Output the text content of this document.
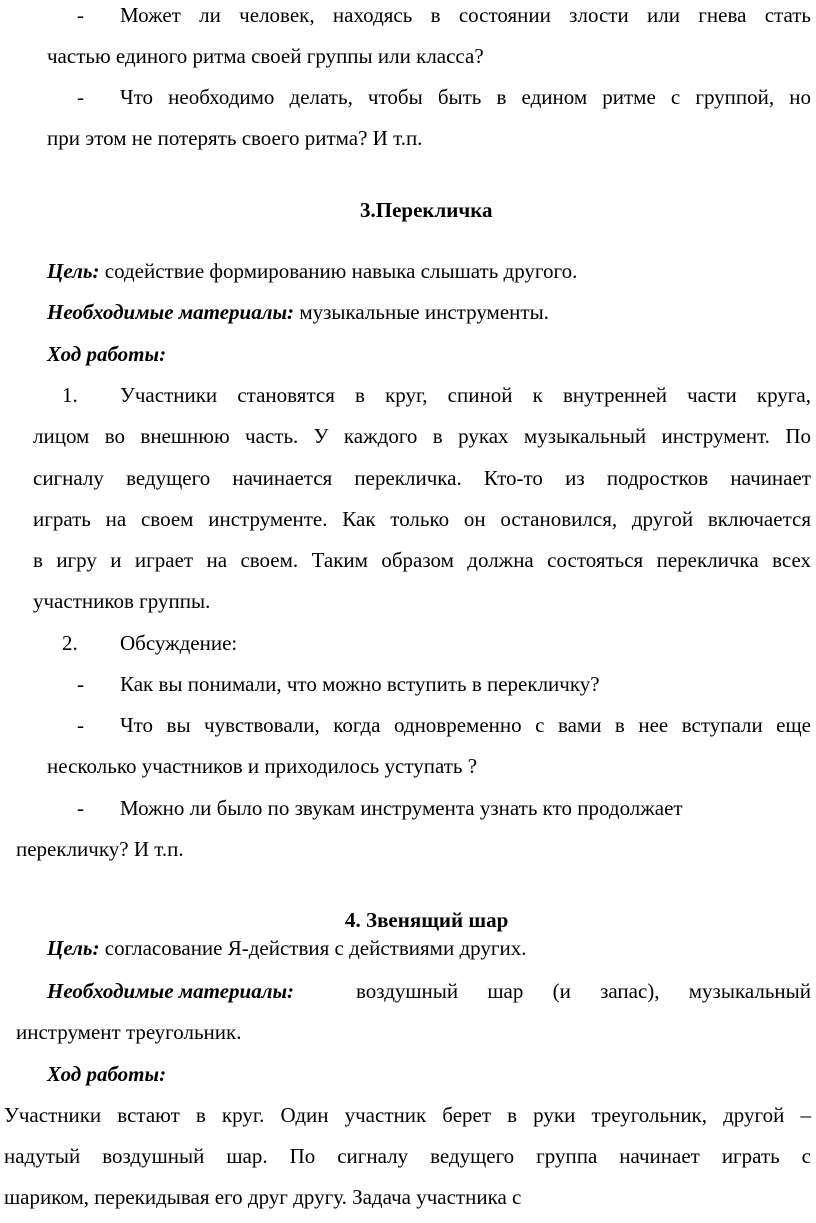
- Может ли человек, находясь в состоянии злости или гнева стать
частью единого ритма своей группы или класса?
- Что необходимо делать, чтобы быть в едином ритме с группой, но
при этом не потерять своего ритма? И т.п.
3.Перекличка
Цель: содействие формированию навыка слышать другого.
Необходимые материалы: музыкальные инструменты.
Ход работы:
1. Участники становятся в круг, спиной к внутренней части круга,
лицом во внешнюю часть. У каждого в руках музыкальный инструмент. По
сигналу ведущего начинается перекличка. Кто-то из подростков начинает
играть на своем инструменте. Как только он остановился, другой включается
в игру и играет на своем. Таким образом должна состояться перекличка всех
участников группы.
2. Обсуждение:
- Как вы понимали, что можно вступить в перекличку?
- Что вы чувствовали, когда одновременно с вами в нее вступали еще
несколько участников и приходилось уступать ?
- Можно ли было по звукам инструмента узнать кто продолжает
перекличку? И т.п.
4. Звенящий шар
Цель: согласование Я-действия с действиями других.
Необходимые материалы:	воздушный шар (и запас), музыкальный
инструмент треугольник.
Ход работы:
Участники встают в круг. Один участник берет в руки треугольник, другой –
надутый воздушный шар. По сигналу ведущего группа начинает играть с
шариком, перекидывая его друг другу. Задача участника с
